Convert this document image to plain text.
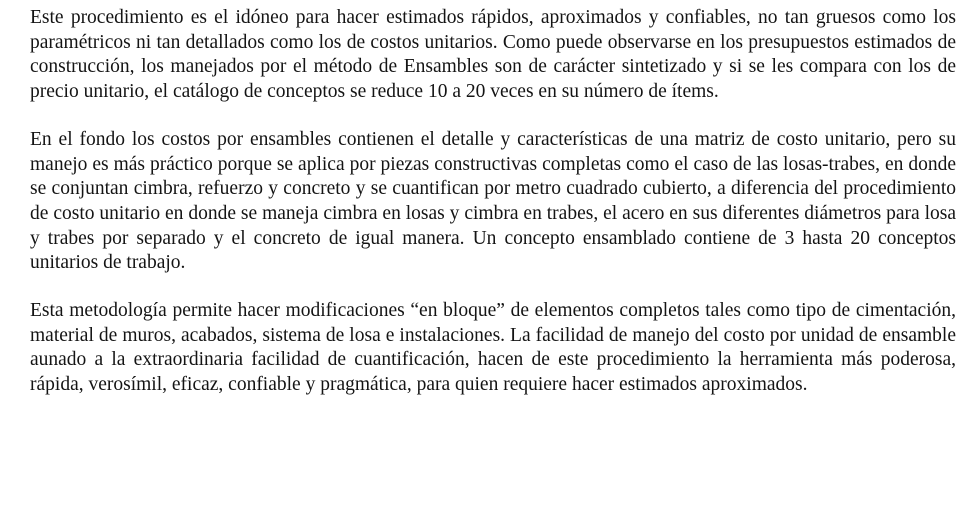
Este procedimiento es el idóneo para hacer estimados rápidos, aproximados y confiables, no tan gruesos como los paramétricos ni tan detallados como los de costos unitarios. Como puede observarse en los presupuestos estimados de construcción, los manejados por el método de Ensambles son de carácter sintetizado y si se les compara con los de precio unitario, el catálogo de conceptos se reduce 10 a 20 veces en su número de ítems.

En el fondo los costos por ensambles contienen el detalle y características de una matriz de costo unitario, pero su manejo es más práctico porque se aplica por piezas constructivas completas como el caso de las losas-trabes, en donde se conjuntan cimbra, refuerzo y concreto y se cuantifican por metro cuadrado cubierto, a diferencia del procedimiento de costo unitario en donde se maneja cimbra en losas y cimbra en trabes, el acero en sus diferentes diámetros para losa y trabes por separado y el concreto de igual manera. Un concepto ensamblado contiene de 3 hasta 20 conceptos unitarios de trabajo.

Esta metodología permite hacer modificaciones “en bloque” de elementos completos tales como tipo de cimentación, material de muros, acabados, sistema de losa e instalaciones. La facilidad de manejo del costo por unidad de ensamble aunado a la extraordinaria facilidad de cuantificación, hacen de este procedimiento la herramienta más poderosa, rápida, verosímil, eficaz, confiable y pragmática, para quien requiere hacer estimados aproximados.
